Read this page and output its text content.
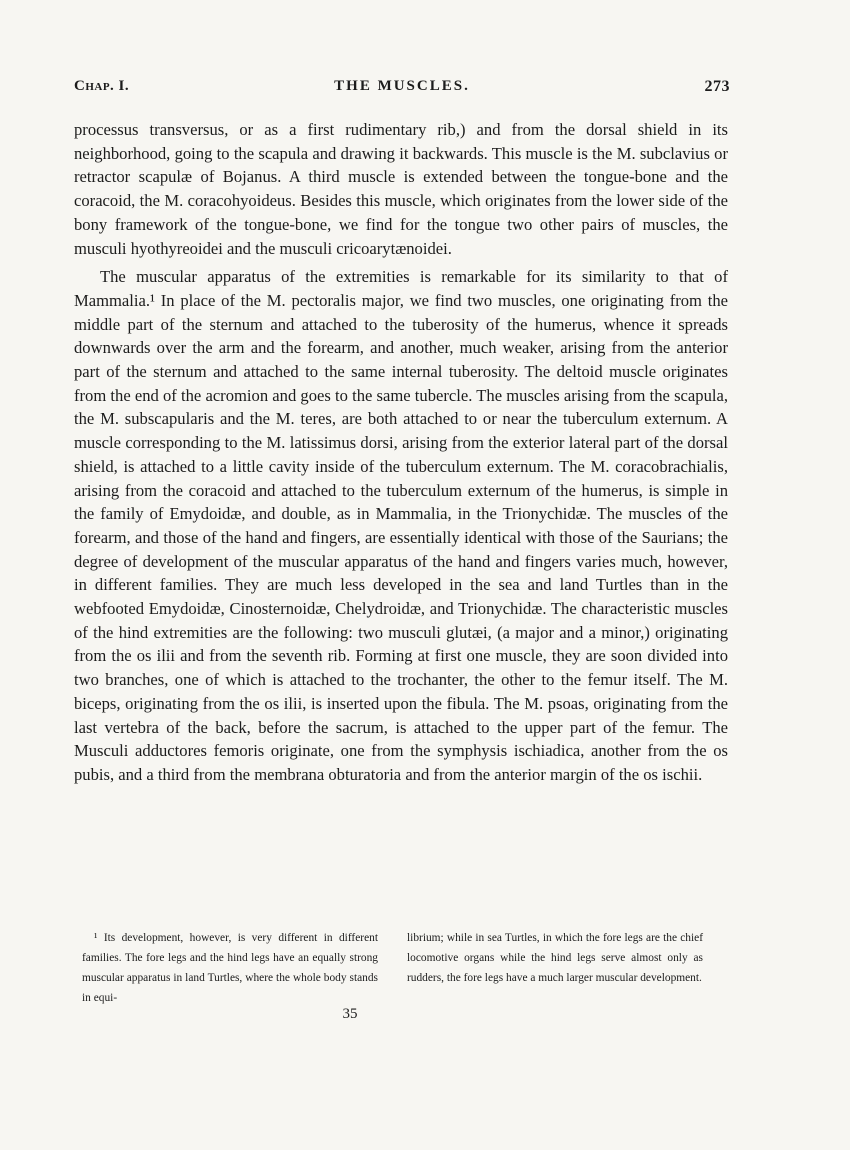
Chap. I.	THE MUSCLES.	273

processus transversus, or as a first rudimentary rib,) and from the dorsal shield in its neighborhood, going to the scapula and drawing it backwards. This muscle is the M. subclavius or retractor scapulæ of Bojanus. A third muscle is extended between the tongue-bone and the coracoid, the M. coracohyoideus. Besides this muscle, which originates from the lower side of the bony framework of the tongue-bone, we find for the tongue two other pairs of muscles, the musculi hyothyreoidei and the musculi cricoarytænoidei.

The muscular apparatus of the extremities is remarkable for its similarity to that of Mammalia.¹ In place of the M. pectoralis major, we find two muscles, one originating from the middle part of the sternum and attached to the tuberosity of the humerus, whence it spreads downwards over the arm and the forearm, and another, much weaker, arising from the anterior part of the sternum and attached to the same internal tuberosity. The deltoid muscle originates from the end of the acromion and goes to the same tubercle. The muscles arising from the scapula, the M. subscapularis and the M. teres, are both attached to or near the tuberculum externum. A muscle corresponding to the M. latissimus dorsi, arising from the exterior lateral part of the dorsal shield, is attached to a little cavity inside of the tuberculum externum. The M. coracobrachialis, arising from the coracoid and attached to the tuberculum externum of the humerus, is simple in the family of Emydoidæ, and double, as in Mammalia, in the Trionychidæ. The muscles of the forearm, and those of the hand and fingers, are essentially identical with those of the Saurians; the degree of development of the muscular apparatus of the hand and fingers varies much, however, in different families. They are much less developed in the sea and land Turtles than in the webfooted Emydoidæ, Cinosternoidæ, Chelydroidæ, and Trionychidæ. The characteristic muscles of the hind extremities are the following: two musculi glutæi, (a major and a minor,) originating from the os ilii and from the seventh rib. Forming at first one muscle, they are soon divided into two branches, one of which is attached to the trochanter, the other to the femur itself. The M. biceps, originating from the os ilii, is inserted upon the fibula. The M. psoas, originating from the last vertebra of the back, before the sacrum, is attached to the upper part of the femur. The Musculi adductores femoris originate, one from the symphysis ischiadica, another from the os pubis, and a third from the membrana obturatoria and from the anterior margin of the os ischii.

¹ Its development, however, is very different in different families. The fore legs and the hind legs have an equally strong muscular apparatus in land Turtles, where the whole body stands in equi-
librium; while in sea Turtles, in which the fore legs are the chief locomotive organs while the hind legs serve almost only as rudders, the fore legs have a much larger muscular development.
35
